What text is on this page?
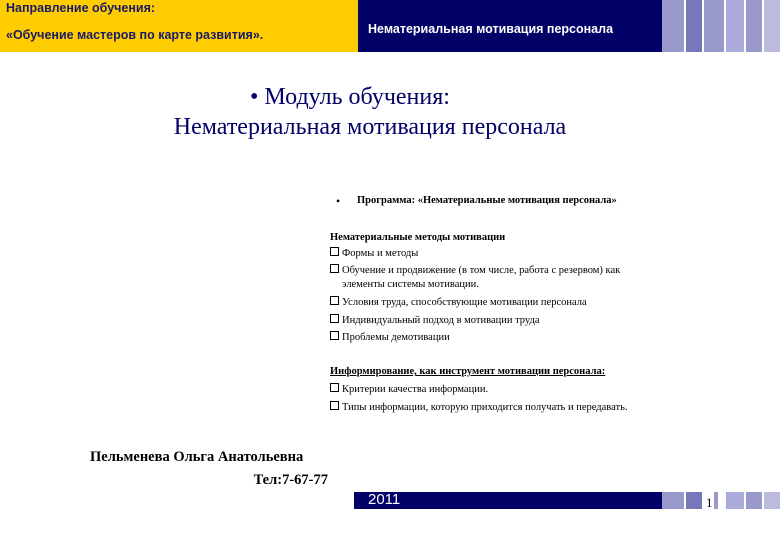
Направление обучения:
«Обучение мастеров по карте развития».	Нематериальная мотивация персонала
• Модуль обучения:
Нематериальная мотивация персонала
• Программа: «Нематериальные мотивация персонала»
Нематериальные методы мотивации
Формы и методы
Обучение и продвижение (в том числе, работа с резервом) как
элементы системы мотивации.
Условия труда, способствующие мотивации персонала
Индивидуальный подход в мотивации труда
Проблемы демотивации
Информирование, как инструмент мотивации персонала:
Критерии качества информации.
Типы информации, которую приходится получать и передавать.
Пельменева Ольга Анатольевна
Тел:7-67-77
2011	1
